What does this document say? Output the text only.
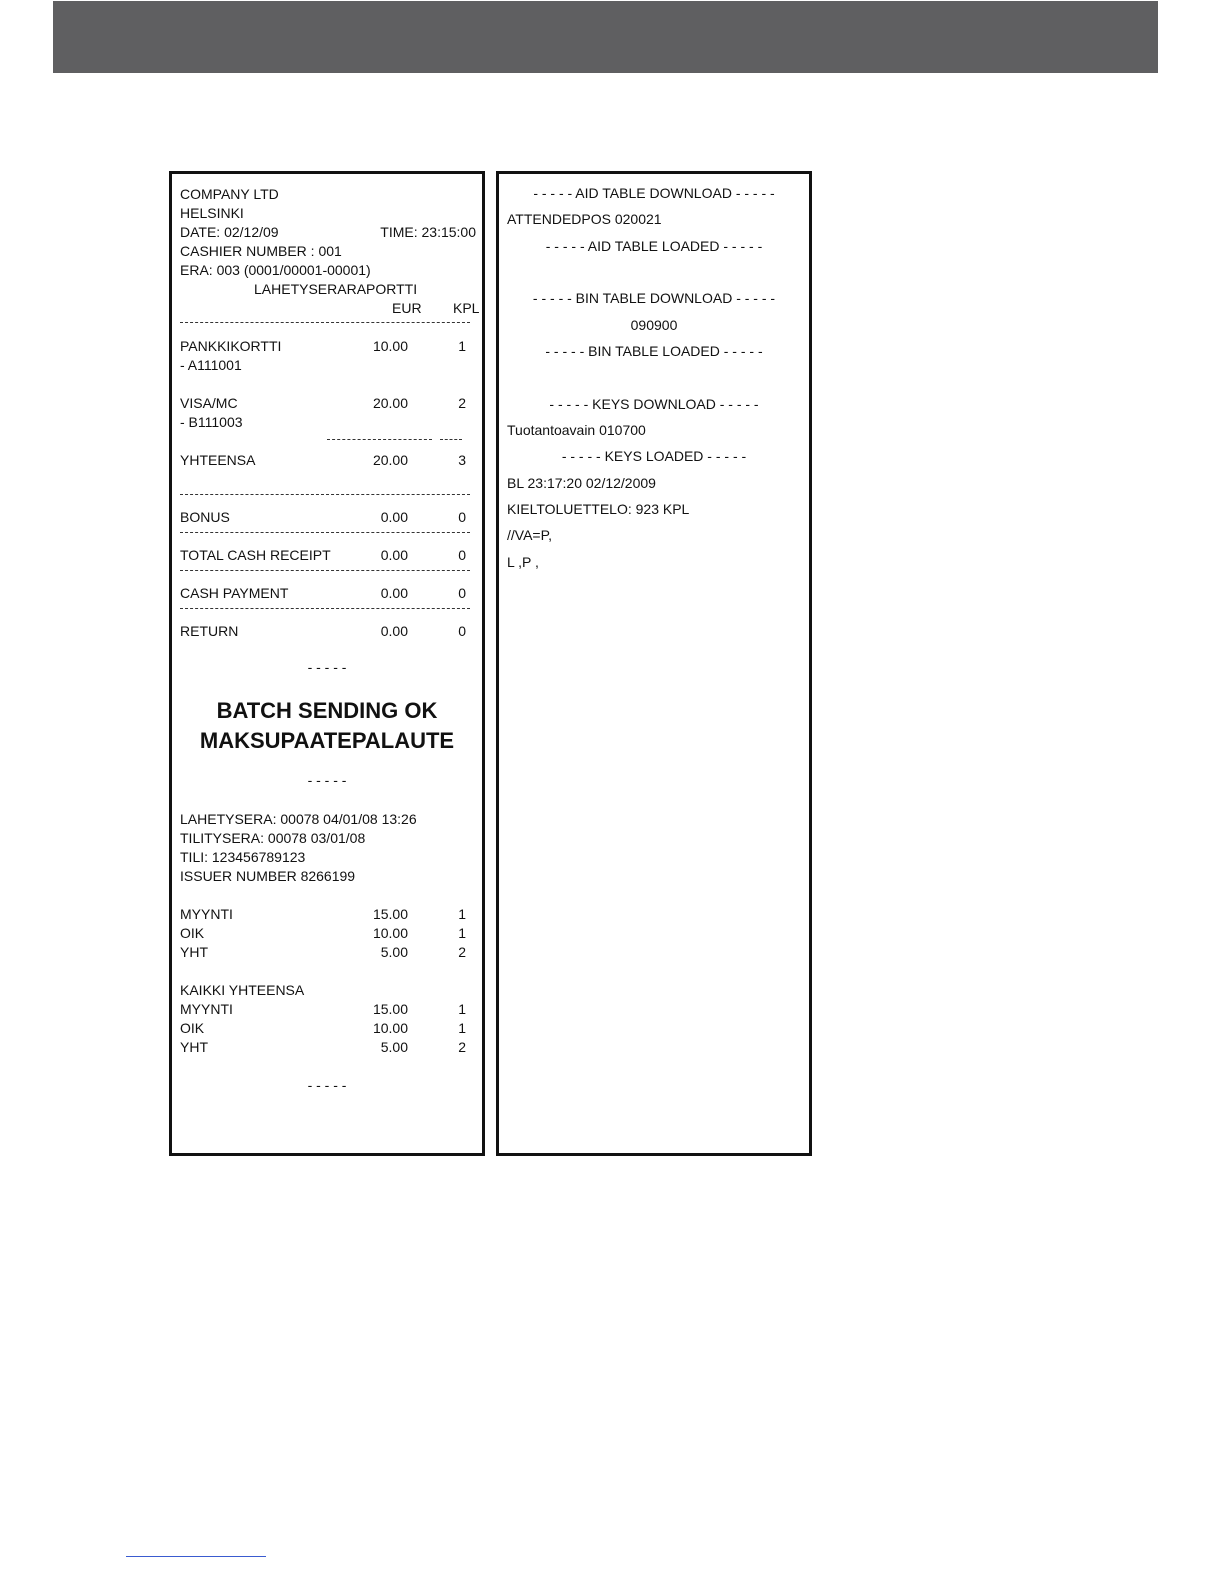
COMPANY LTD
HELSINKI
DATE: 02/12/09	TIME: 23:15:00
CASHIER NUMBER : 001
ERA: 003 (0001/00001-00001)
LAHETYSERARAPORTTI
EUR KPL
PANKKIKORTTI	10.00	1
- A111001
VISA/MC	20.00	2
- B111003
YHTEENSA	20.00	3
BONUS	0.00	0
TOTAL CASH RECEIPT	0.00	0
CASH PAYMENT	0.00	0
RETURN	0.00	0
- - - - -
BATCH SENDING OK
MAKSUPAATEPALAUTE
- - - - -
LAHETYSERA: 00078 04/01/08 13:26
TILITYSERA: 00078 03/01/08
TILI: 123456789123
ISSUER NUMBER 8266199
MYYNTI	15.00	1
OIK	10.00	1
YHT	5.00	2
KAIKKI YHTEENSA
MYYNTI	15.00	1
OIK	10.00	1
YHT	5.00	2
- - - - -
- - - - - AID TABLE DOWNLOAD - - - - -
ATTENDEDPOS 020021
- - - - - AID TABLE LOADED - - - - -
- - - - - BIN TABLE DOWNLOAD - - - - -
090900
- - - - - BIN TABLE LOADED - - - - -
- - - - - KEYS DOWNLOAD - - - - -
Tuotantoavain 010700
- - - - - KEYS LOADED - - - - -
BL 23:17:20 02/12/2009
KIELTOLUETTELO: 923 KPL
//VA=P,
L ,P ,
